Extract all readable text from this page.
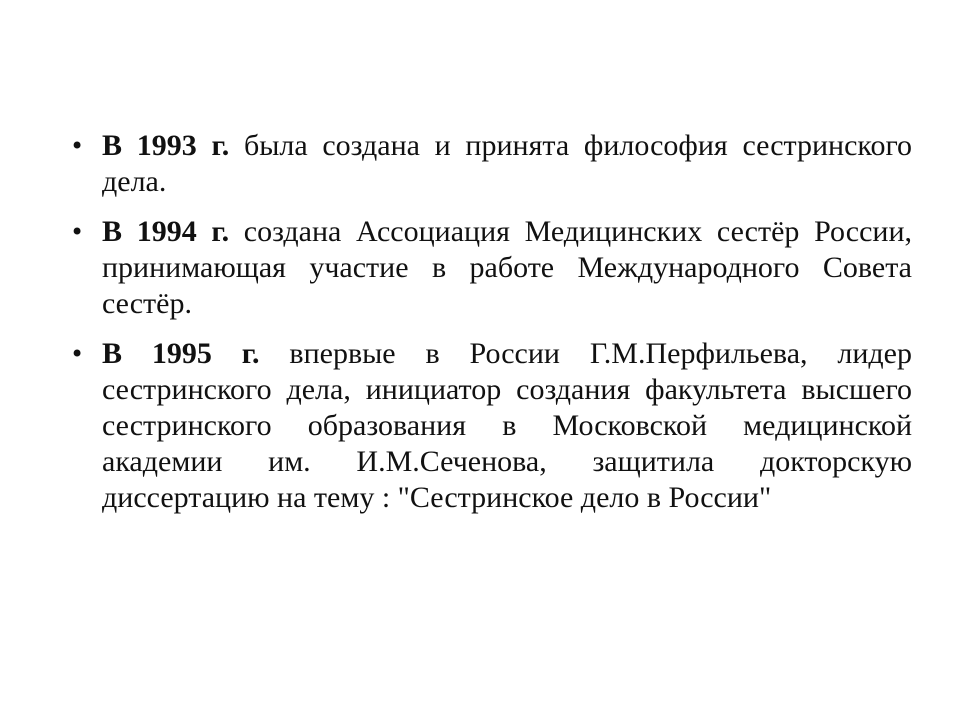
• В 1993 г. была создана и принята философия сестринского дела.
• В 1994 г. создана Ассоциация Медицинских сестёр России, принимающая участие в работе Международного Совета сестёр.
• В 1995 г. впервые в России Г.М.Перфильева, лидер сестринского дела, инициатор создания факультета высшего сестринского образования в Московской медицинской академии им. И.М.Сеченова, защитила докторскую диссертацию на тему : "Сестринское дело в России"
